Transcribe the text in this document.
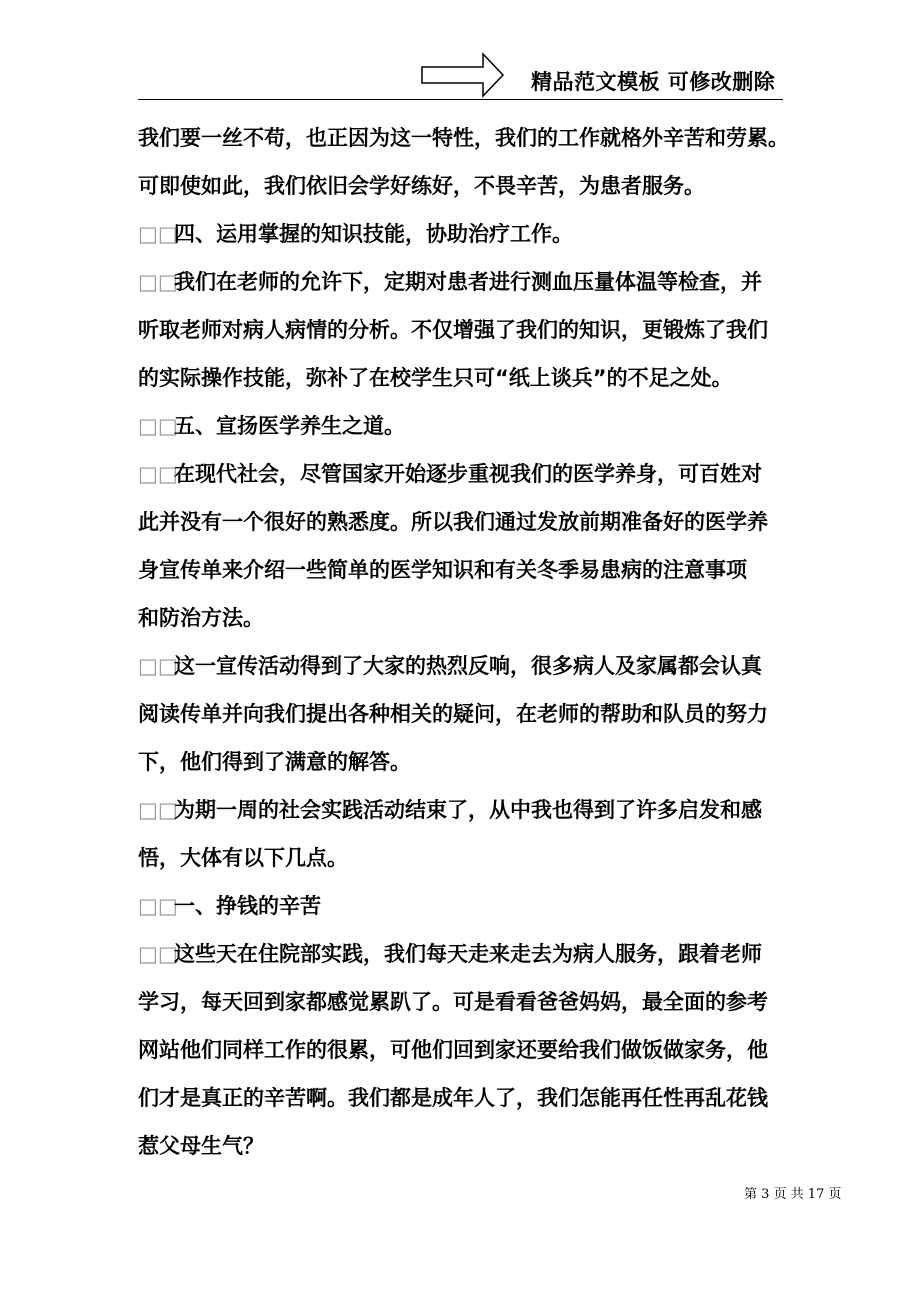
精品范文模板 可修改删除
我们要一丝不苟，也正因为这一特性，我们的工作就格外辛苦和劳累。
可即使如此，我们依旧会学好练好，不畏辛苦，为患者服务。
□□四、运用掌握的知识技能，协助治疗工作。
□□我们在老师的允许下，定期对患者进行测血压量体温等检查，并
听取老师对病人病情的分析。不仅增强了我们的知识，更锻炼了我们
的实际操作技能，弥补了在校学生只可“纸上谈兵”的不足之处。
□□五、宣扬医学养生之道。
□□在现代社会，尽管国家开始逐步重视我们的医学养身，可百姓对
此并没有一个很好的熟悉度。所以我们通过发放前期准备好的医学养
身宣传单来介绍一些简单的医学知识和有关冬季易患病的注意事项
和防治方法。
□□这一宣传活动得到了大家的热烈反响，很多病人及家属都会认真
阅读传单并向我们提出各种相关的疑问，在老师的帮助和队员的努力
下，他们得到了满意的解答。
□□为期一周的社会实践活动结束了，从中我也得到了许多启发和感
悟，大体有以下几点。
□□一、挣钱的辛苦
□□这些天在住院部实践，我们每天走来走去为病人服务，跟着老师
学习，每天回到家都感觉累趴了。可是看看爸爸妈妈，最全面的参考
网站他们同样工作的很累，可他们回到家还要给我们做饭做家务，他
们才是真正的辛苦啊。我们都是成年人了，我们怎能再任性再乱花钱
惹父母生气？
第 3 页 共 17 页
